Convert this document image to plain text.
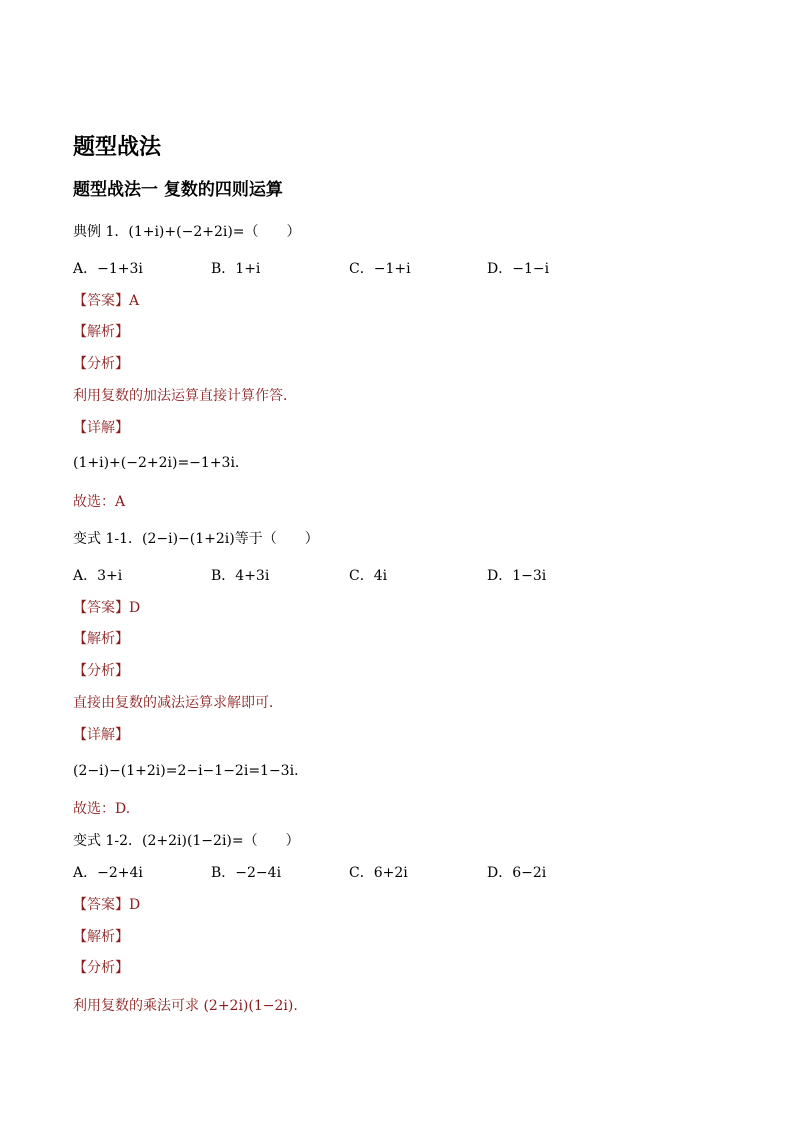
题型战法
题型战法一 复数的四则运算
典例 1．(1+i)+(−2+2i)=（　　）
A．−1+3i	B．1+i	C．−1+i	D．−1−i
【答案】A
【解析】
【分析】
利用复数的加法运算直接计算作答．
【详解】
(1+i)+(−2+2i)=−1+3i．
故选：A
变式 1-1．(2−i)−(1+2i)等于（　　）
A．3+i	B．4+3i	C．4i	D．1−3i
【答案】D
【解析】
【分析】
直接由复数的减法运算求解即可．
【详解】
(2−i)−(1+2i)=2−i−1−2i=1−3i．
故选：D.
变式 1-2．(2+2i)(1−2i)=（　　）
A．−2+4i	B．−2−4i	C．6+2i	D．6−2i
【答案】D
【解析】
【分析】
利用复数的乘法可求 (2+2i)(1−2i).
